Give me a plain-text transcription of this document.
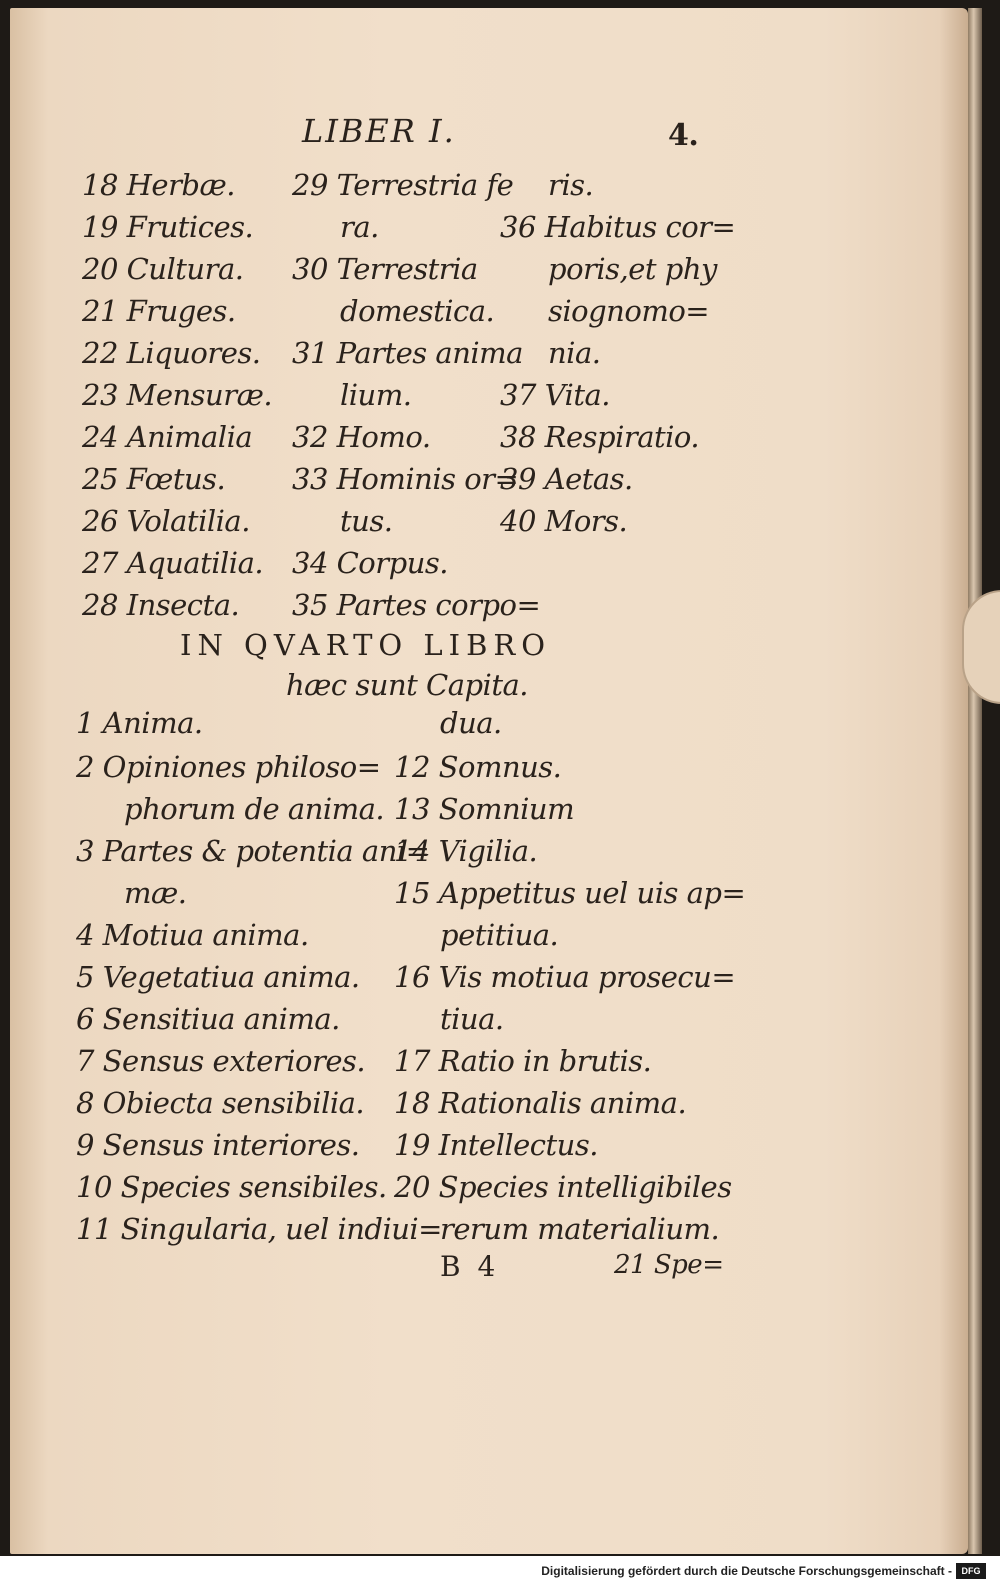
LIBER I.	4.
18 Herbæ.
19 Frutices.
20 Cultura.
21 Fruges.
22 Liquores.
23 Mensuræ.
24 Animalia
25 Fœtus.
26 Volatilia.
27 Aquatilia.
28 Insecta.
29 Terrestria fe
ra.
30 Terrestria
domestica.
31 Partes anima
lium.
32 Homo.
33 Hominis or=
tus.
34 Corpus.
35 Partes corpo=
ris.
36 Habitus cor=
poris,et phy
siognomo=
nia.
37 Vita.
38 Respiratio.
39 Aetas.
40 Mors.
IN QVARTO LIBRO
hæc sunt Capita.
1 Anima.
2 Opiniones philoso=
phorum de anima.
3 Partes & potentia ani=
mæ.
4 Motiua anima.
5 Vegetatiua anima.
6 Sensitiua anima.
7 Sensus exteriores.
8 Obiecta sensibilia.
9 Sensus interiores.
10 Species sensibiles.
11 Singularia, uel indiui=
dua.
12 Somnus.
13 Somnium
14 Vigilia.
15 Appetitus uel uis ap=
petitiua.
16 Vis motiua prosecu=
tiua.
17 Ratio in brutis.
18 Rationalis anima.
19 Intellectus.
20 Species intelligibiles
rerum materialium.
B 4	21 Spe=
Digitalisierung gefördert durch die Deutsche Forschungsgemeinschaft -	DFG
